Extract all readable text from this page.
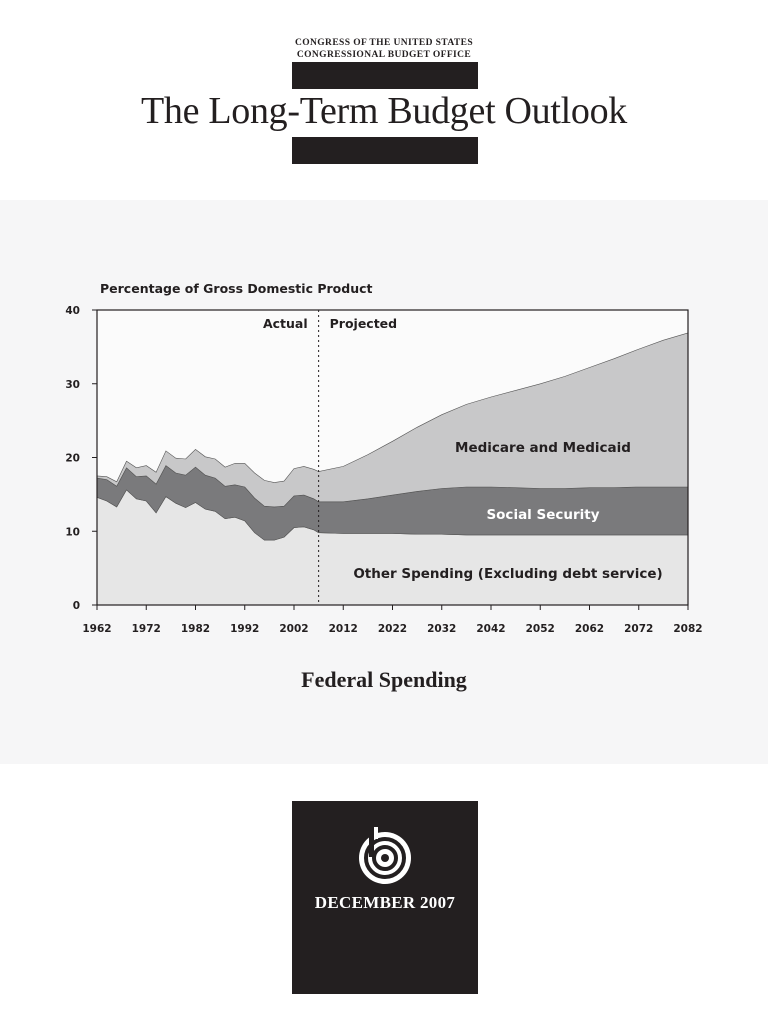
CONGRESS OF THE UNITED STATES
CONGRESSIONAL BUDGET OFFICE
The Long-Term Budget Outlook
Actual Projected
0
10
20
30
40
1962 1972 1982 1992 2002 2012 2022 2032 2042 2052 2062 2072 2082
Percentage of Gross Domestic Product
Medicare and Medicaid
Social Security
Other Spending (Excluding debt service)
Federal Spending
DECEMBER 2007
